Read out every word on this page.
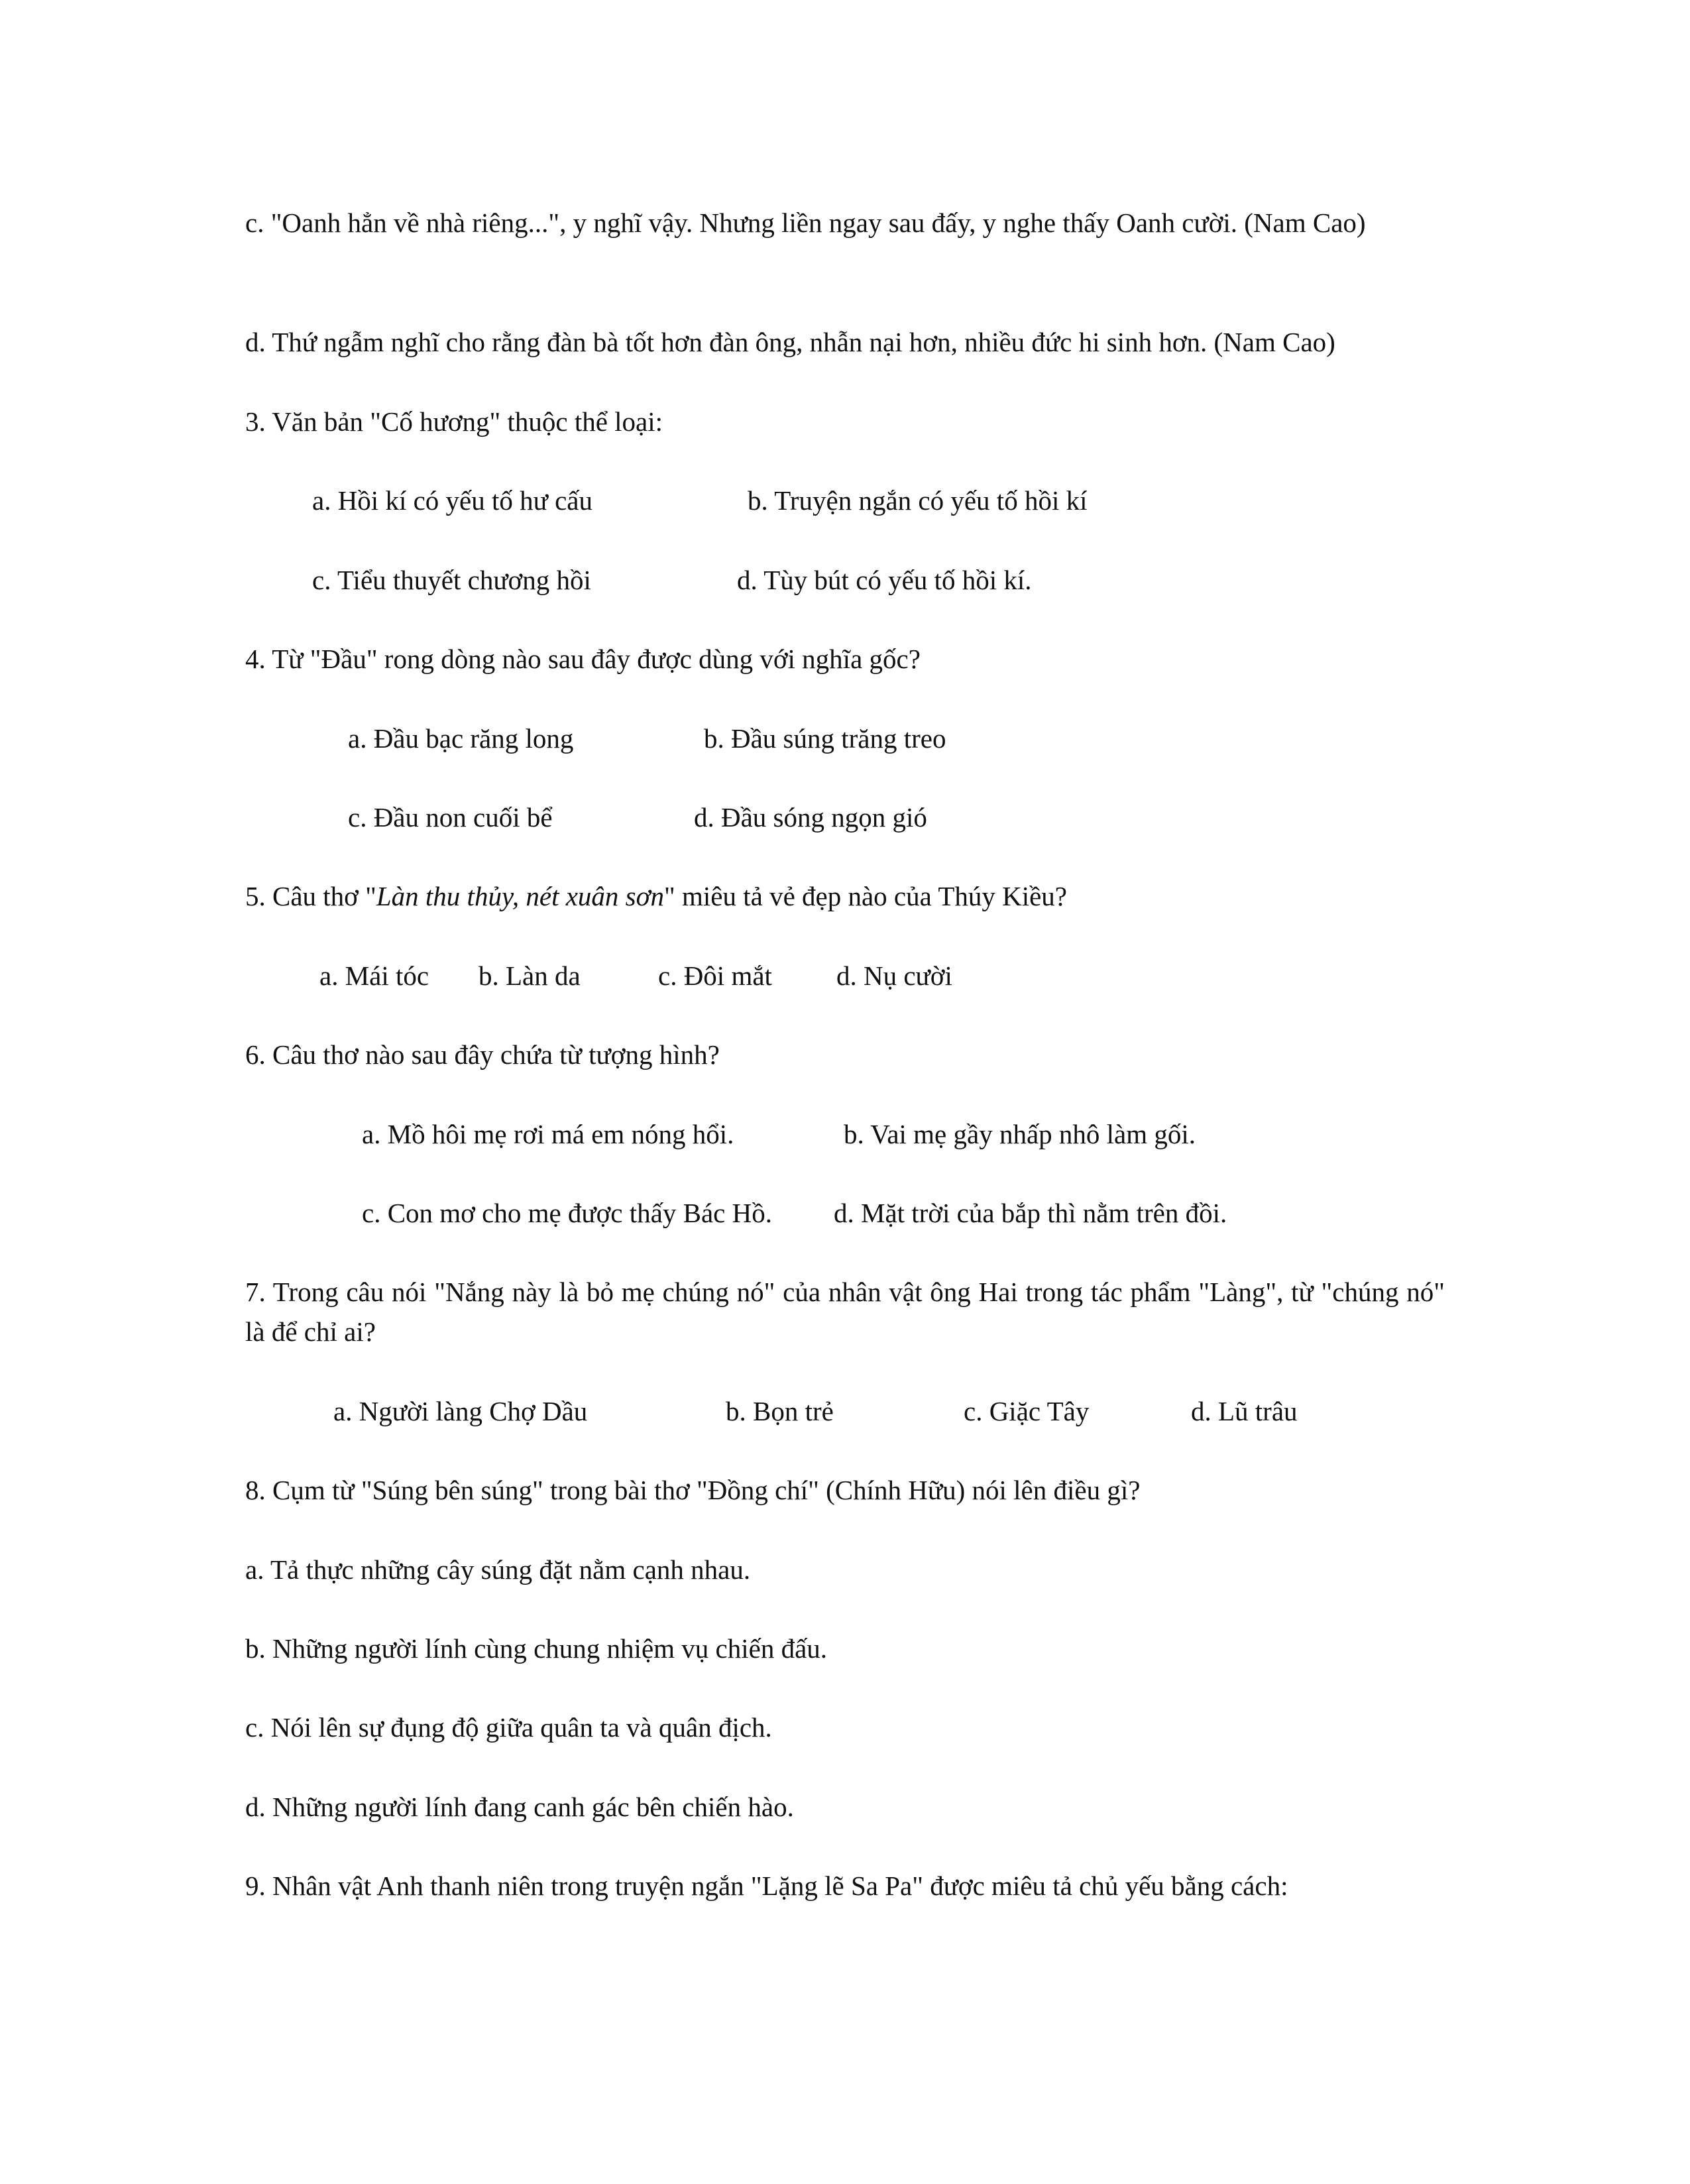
c. "Oanh hẳn về nhà riêng...", y nghĩ vậy. Nhưng liền ngay sau đấy, y nghe thấy Oanh cười. (Nam Cao)
d. Thứ ngẫm nghĩ cho rằng đàn bà tốt hơn đàn ông, nhẫn nại hơn, nhiều đức hi sinh hơn. (Nam Cao)
3. Văn bản "Cố hương" thuộc thể loại:
a. Hồi kí có yếu tố hư cấu	b. Truyện ngắn có yếu tố hồi kí
c. Tiểu thuyết chương hồi	d. Tùy bút có yếu tố hồi kí.
4. Từ "Đầu" rong dòng nào sau đây được dùng với nghĩa gốc?
a. Đầu bạc răng long	b. Đầu súng trăng treo
c. Đầu non cuối bể	d. Đầu sóng ngọn gió
5. Câu thơ "Làn thu thủy, nét xuân sơn" miêu tả vẻ đẹp nào của Thúy Kiều?
a. Mái tóc b. Làn da	c. Đôi mắt d. Nụ cười
6. Câu thơ nào sau đây chứa từ tượng hình?
a. Mồ hôi mẹ rơi má em nóng hổi.	b. Vai mẹ gầy nhấp nhô làm gối.
c. Con mơ cho mẹ được thấy Bác Hồ. d. Mặt trời của bắp thì nằm trên đồi.
7. Trong câu nói "Nắng này là bỏ mẹ chúng nó" của nhân vật ông Hai trong tác phẩm "Làng", từ "chúng nó" là để chỉ ai?
a. Người làng Chợ Dầu	b. Bọn trẻ	c. Giặc Tây	d. Lũ trâu
8. Cụm từ "Súng bên súng" trong bài thơ "Đồng chí" (Chính Hữu) nói lên điều gì?
a. Tả thực những cây súng đặt nằm cạnh nhau.
b. Những người lính cùng chung nhiệm vụ chiến đấu.
c. Nói lên sự đụng độ giữa quân ta và quân địch.
d. Những người lính đang canh gác bên chiến hào.
9. Nhân vật Anh thanh niên trong truyện ngắn "Lặng lẽ Sa Pa" được miêu tả chủ yếu bằng cách:
